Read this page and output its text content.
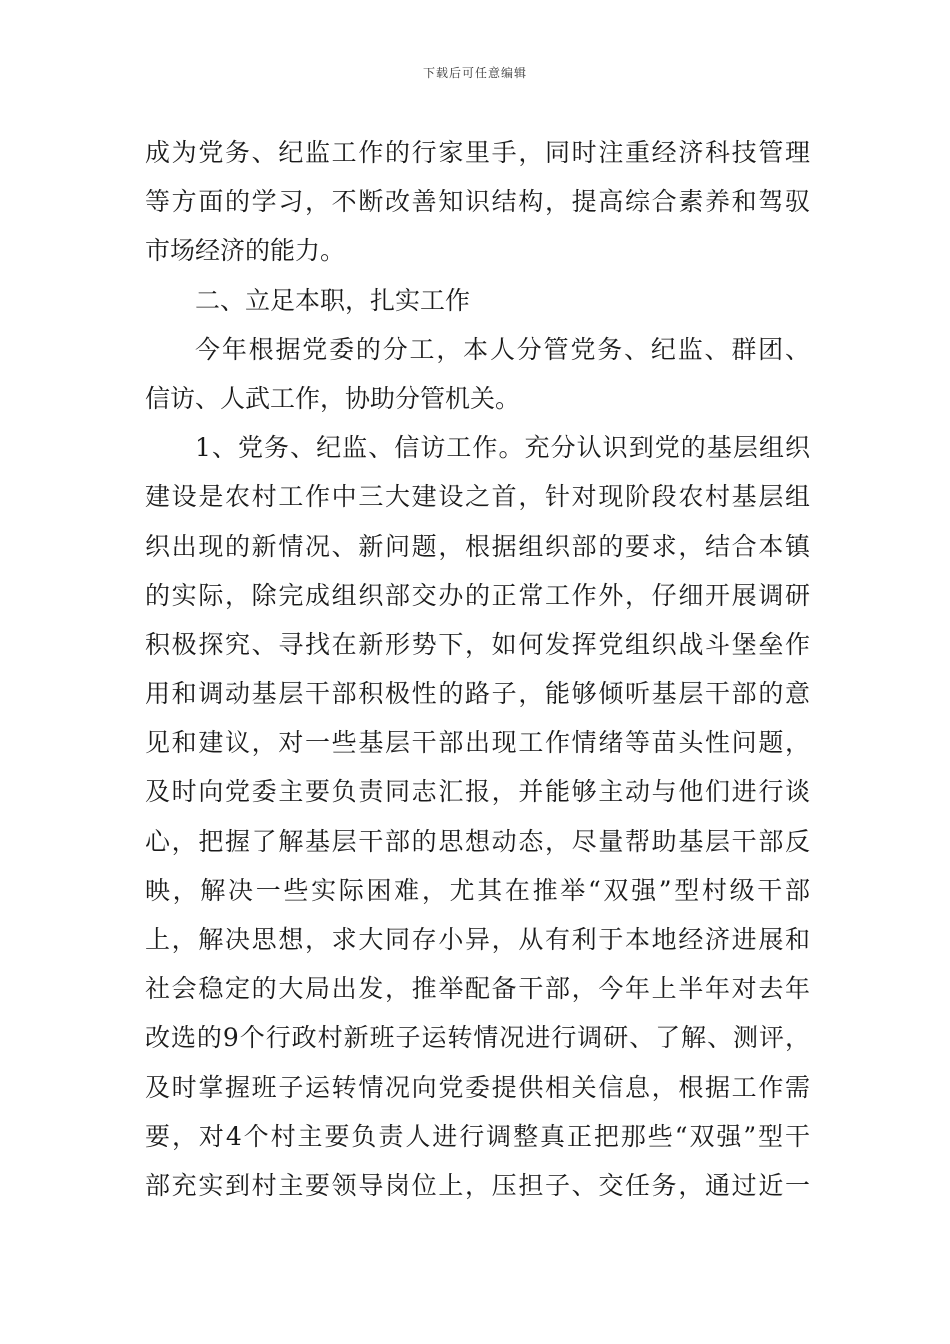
下载后可任意编辑
成为党务、纪监工作的行家里手，同时注重经济科技管理
等方面的学习，不断改善知识结构，提高综合素养和驾驭
市场经济的能力。
二、立足本职，扎实工作
今年根据党委的分工，本人分管党务、纪监、群团、
信访、人武工作，协助分管机关。
1、党务、纪监、信访工作。充分认识到党的基层组织
建设是农村工作中三大建设之首，针对现阶段农村基层组
织出现的新情况、新问题，根据组织部的要求，结合本镇
的实际，除完成组织部交办的正常工作外，仔细开展调研
积极探究、寻找在新形势下，如何发挥党组织战斗堡垒作
用和调动基层干部积极性的路子，能够倾听基层干部的意
见和建议，对一些基层干部出现工作情绪等苗头性问题，
及时向党委主要负责同志汇报，并能够主动与他们进行谈
心，把握了解基层干部的思想动态，尽量帮助基层干部反
映，解决一些实际困难，尤其在推举“双强”型村级干部
上，解决思想，求大同存小异，从有利于本地经济进展和
社会稳定的大局出发，推举配备干部，今年上半年对去年
改选的9个行政村新班子运转情况进行调研、了解、测评，
及时掌握班子运转情况向党委提供相关信息，根据工作需
要，对4个村主要负责人进行调整真正把那些“双强”型干
部充实到村主要领导岗位上，压担子、交任务，通过近一
